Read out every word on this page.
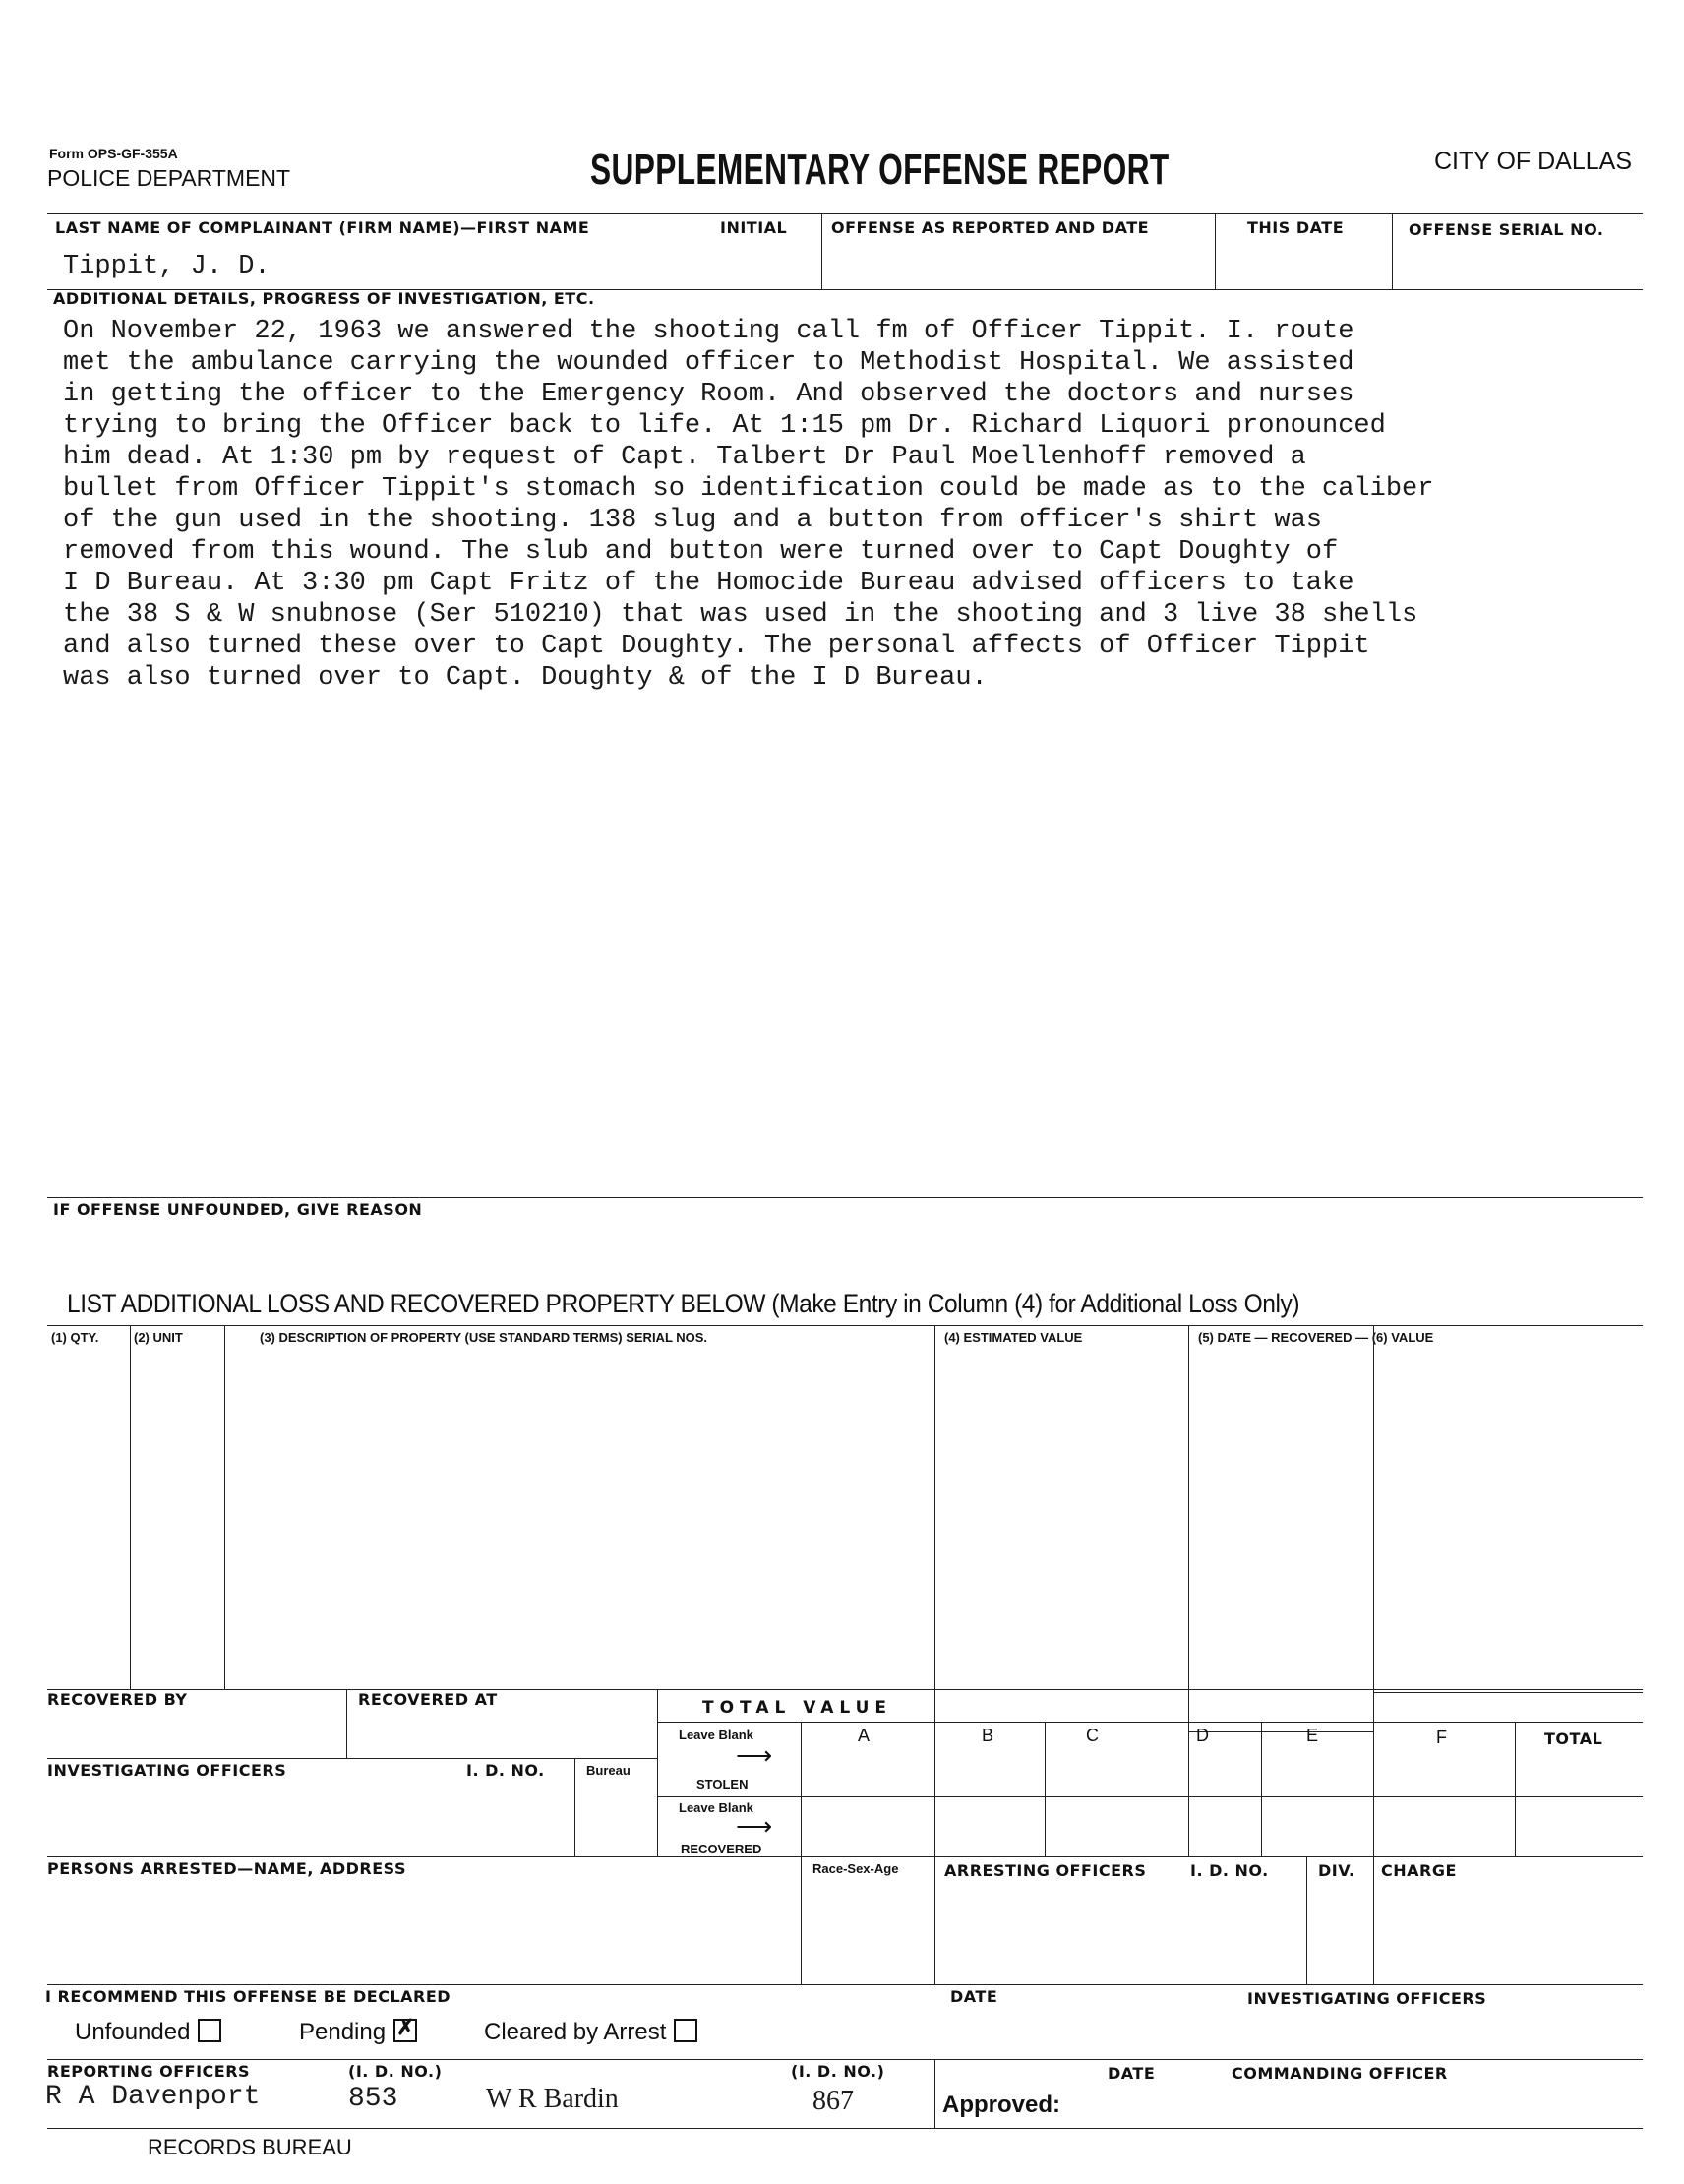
Form OPS-GF-355A
POLICE DEPARTMENT	SUPPLEMENTARY OFFENSE REPORT	CITY OF DALLAS
LAST NAME OF COMPLAINANT (FIRM NAME)—FIRST NAME	INITIAL	OFFENSE AS REPORTED AND DATE	THIS DATE	OFFENSE SERIAL NO.
Tippit, J. D.
ADDITIONAL DETAILS, PROGRESS OF INVESTIGATION, ETC.
On November 22, 1963 we answered the shooting call fm of Officer Tippit. I. route
met the ambulance carrying the wounded officer to Methodist Hospital. We assisted
in getting the officer to the Emergency Room. And observed the doctors and nurses
trying to bring the Officer back to life. At 1:15 pm Dr. Richard Liquori pronounced
him dead. At 1:30 pm by request of Capt. Talbert Dr Paul Moellenhoff removed a
bullet from Officer Tippit's stomach so identification could be made as to the caliber
of the gun used in the shooting. 138 slug and a button from officer's shirt was
removed from this wound. The slub and button were turned over to Capt Doughty of
I D Bureau. At 3:30 pm Capt Fritz of the Homocide Bureau advised officers to take
the 38 S & W snubnose (Ser 510210) that was used in the shooting and 3 live 38 shells
and also turned these over to Capt Doughty. The personal affects of Officer Tippit
was also turned over to Capt. Doughty & of the I D Bureau.
IF OFFENSE UNFOUNDED, GIVE REASON
LIST ADDITIONAL LOSS AND RECOVERED PROPERTY BELOW (Make Entry in Column (4) for Additional Loss Only)
(1) QTY.	(2) UNIT	(3) DESCRIPTION OF PROPERTY (USE STANDARD TERMS) SERIAL NOS.	(4) ESTIMATED VALUE	(5) DATE — RECOVERED — (6) VALUE
RECOVERED BY	RECOVERED AT	TOTAL VALUE
Leave Blank
⟶
STOLEN
Leave Blank
⟶
RECOVERED
A	B	C	D	E	F	TOTAL
INVESTIGATING OFFICERS	I. D. NO.	Bureau
PERSONS ARRESTED—NAME, ADDRESS	Race-Sex-Age	ARRESTING OFFICERS	I. D. NO.	DIV. CHARGE
I RECOMMEND THIS OFFENSE BE DECLARED	DATE	INVESTIGATING OFFICERS
Unfounded	Pending ✗	Cleared by Arrest
REPORTING OFFICERS	(I. D. NO.)	(I. D. NO.)	DATE	COMMANDING OFFICER
R A Davenport	853	W R Bardin	867	Approved:
RECORDS BUREAU
